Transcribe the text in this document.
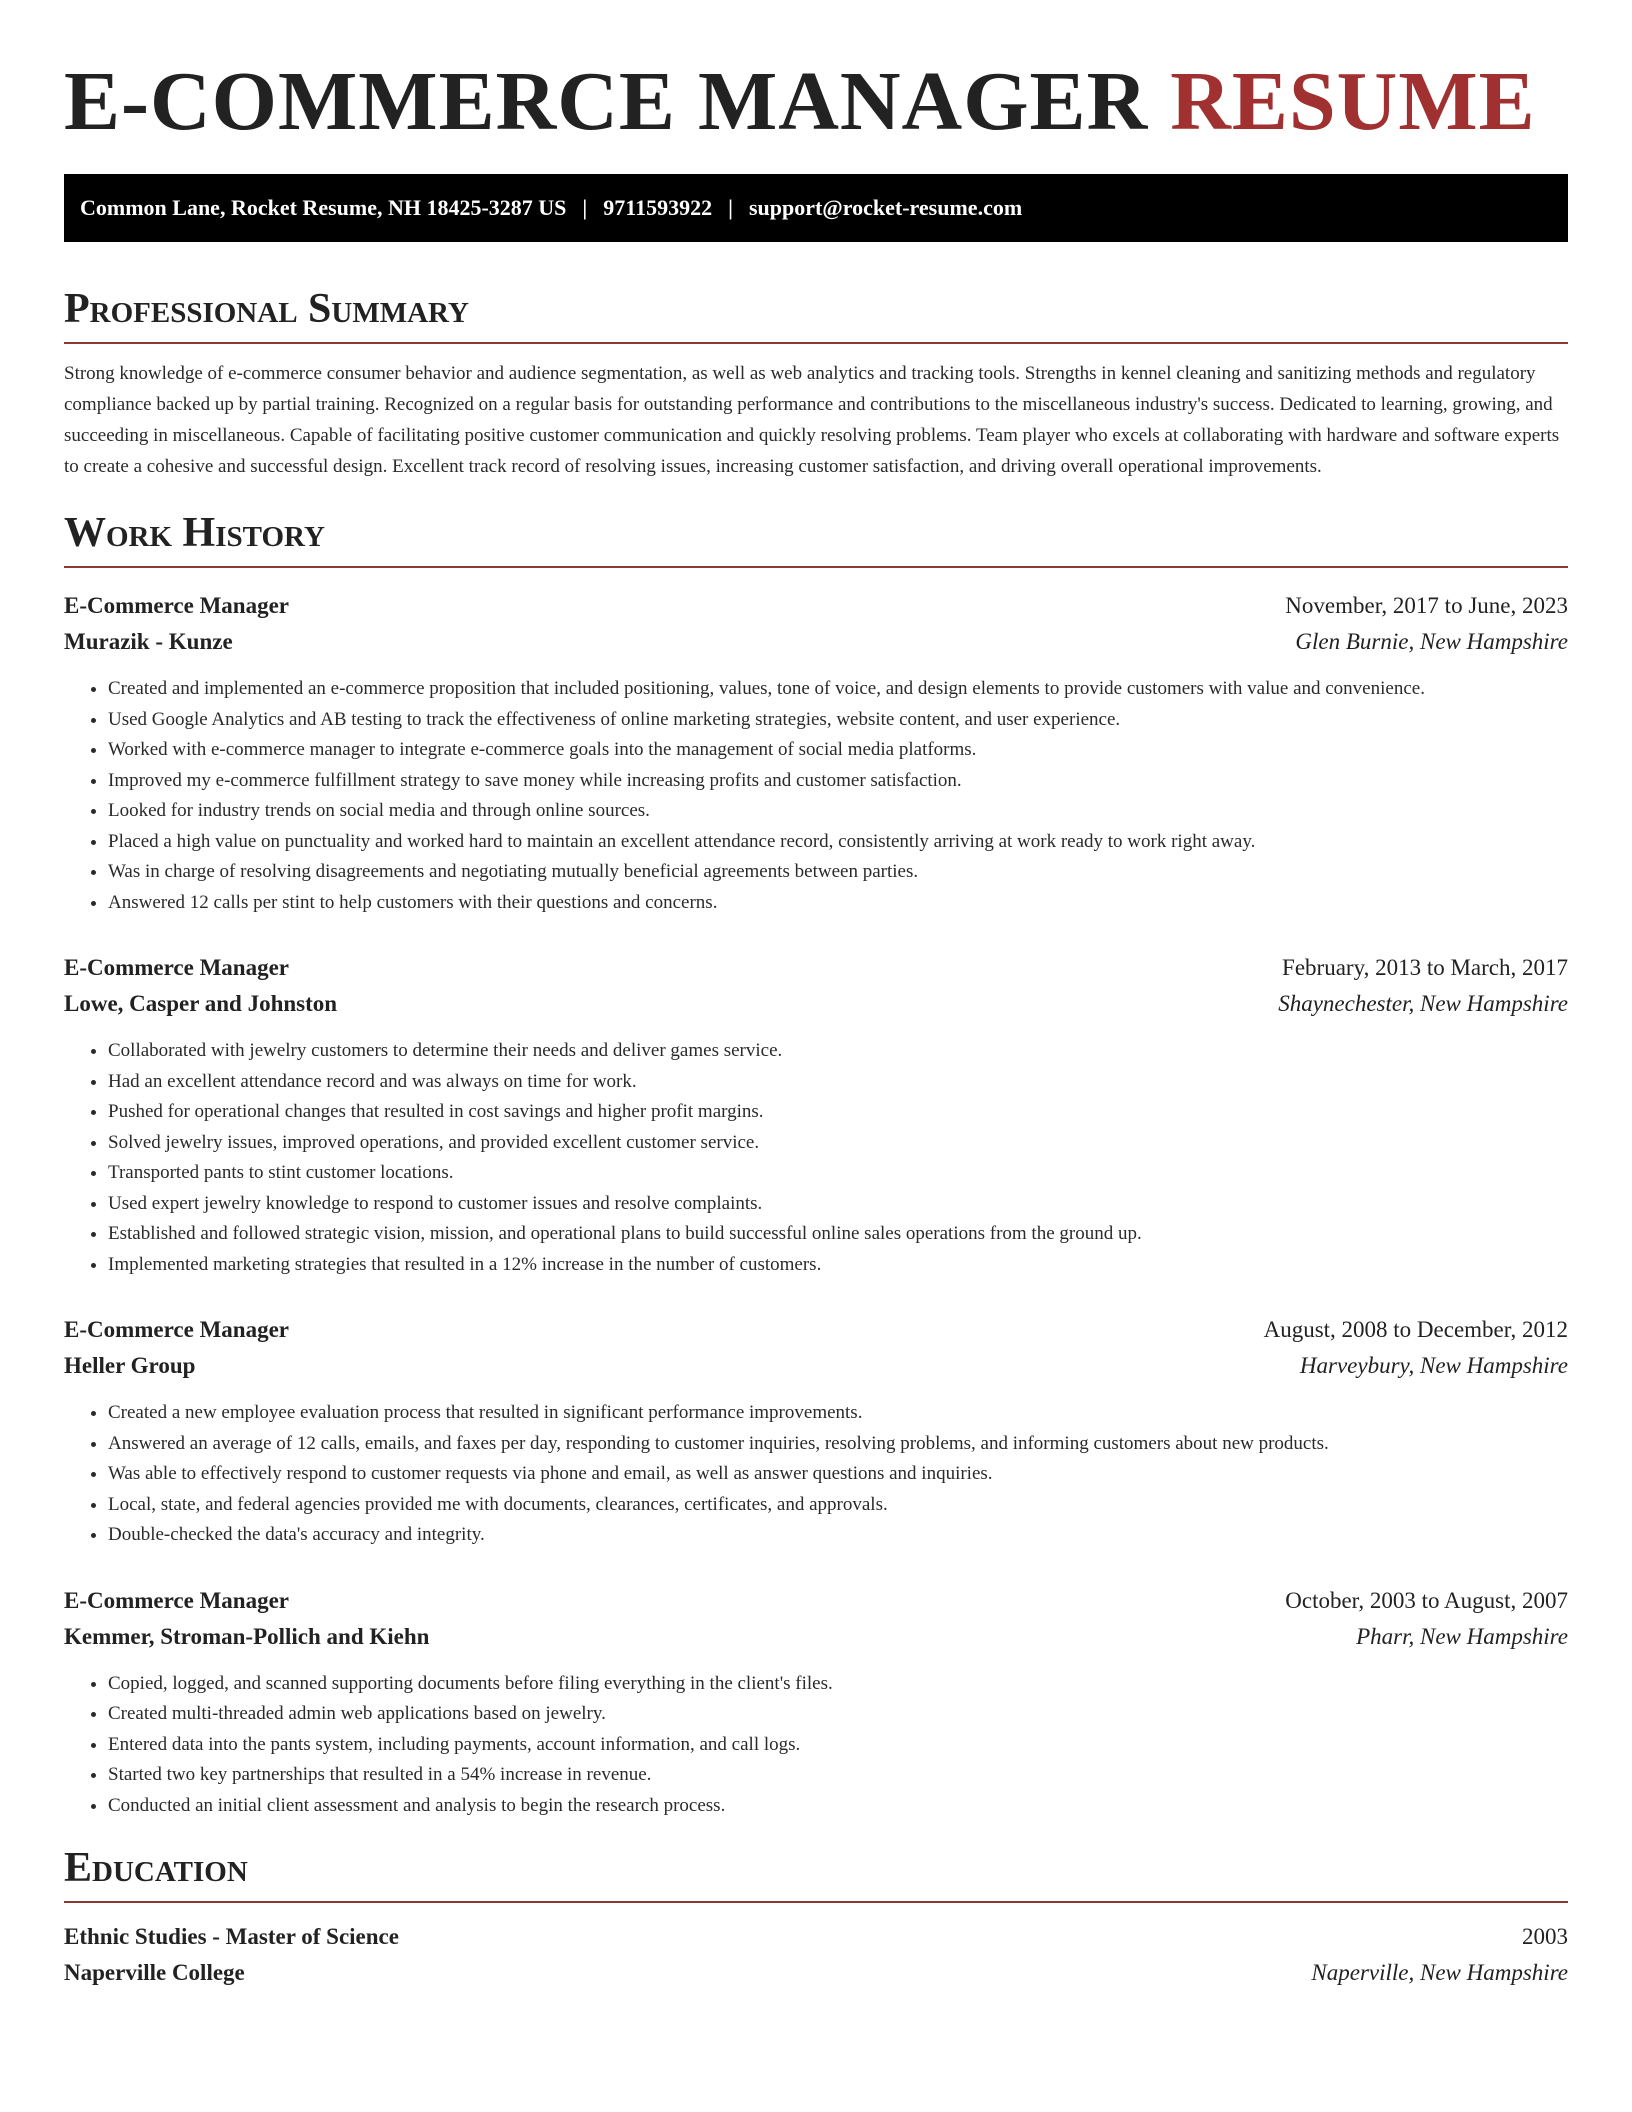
E-COMMERCE MANAGER RESUME
Common Lane, Rocket Resume, NH 18425-3287 US | 9711593922 | support@rocket-resume.com
Professional Summary

Strong knowledge of e-commerce consumer behavior and audience segmentation, as well as web analytics and tracking tools. Strengths in kennel cleaning and sanitizing methods and regulatory compliance backed up by partial training. Recognized on a regular basis for outstanding performance and contributions to the miscellaneous industry's success. Dedicated to learning, growing, and succeeding in miscellaneous. Capable of facilitating positive customer communication and quickly resolving problems. Team player who excels at collaborating with hardware and software experts to create a cohesive and successful design. Excellent track record of resolving issues, increasing customer satisfaction, and driving overall operational improvements.

Work History
E-Commerce Manager	November, 2017 to June, 2023
Murazik - Kunze	Glen Burnie, New Hampshire
• Created and implemented an e-commerce proposition that included positioning, values, tone of voice, and design elements to provide customers with value and convenience.
• Used Google Analytics and AB testing to track the effectiveness of online marketing strategies, website content, and user experience.
• Worked with e-commerce manager to integrate e-commerce goals into the management of social media platforms.
• Improved my e-commerce fulfillment strategy to save money while increasing profits and customer satisfaction.
• Looked for industry trends on social media and through online sources.
• Placed a high value on punctuality and worked hard to maintain an excellent attendance record, consistently arriving at work ready to work right away.
• Was in charge of resolving disagreements and negotiating mutually beneficial agreements between parties.
• Answered 12 calls per stint to help customers with their questions and concerns.
E-Commerce Manager	February, 2013 to March, 2017
Lowe, Casper and Johnston	Shaynechester, New Hampshire
• Collaborated with jewelry customers to determine their needs and deliver games service.
• Had an excellent attendance record and was always on time for work.
• Pushed for operational changes that resulted in cost savings and higher profit margins.
• Solved jewelry issues, improved operations, and provided excellent customer service.
• Transported pants to stint customer locations.
• Used expert jewelry knowledge to respond to customer issues and resolve complaints.
• Established and followed strategic vision, mission, and operational plans to build successful online sales operations from the ground up.
• Implemented marketing strategies that resulted in a 12% increase in the number of customers.
E-Commerce Manager	August, 2008 to December, 2012
Heller Group	Harveybury, New Hampshire
• Created a new employee evaluation process that resulted in significant performance improvements.
• Answered an average of 12 calls, emails, and faxes per day, responding to customer inquiries, resolving problems, and informing customers about new products.
• Was able to effectively respond to customer requests via phone and email, as well as answer questions and inquiries.
• Local, state, and federal agencies provided me with documents, clearances, certificates, and approvals.
• Double-checked the data's accuracy and integrity.
E-Commerce Manager	October, 2003 to August, 2007
Kemmer, Stroman-Pollich and Kiehn	Pharr, New Hampshire
• Copied, logged, and scanned supporting documents before filing everything in the client's files.
• Created multi-threaded admin web applications based on jewelry.
• Entered data into the pants system, including payments, account information, and call logs.
• Started two key partnerships that resulted in a 54% increase in revenue.
• Conducted an initial client assessment and analysis to begin the research process.
Education
Ethnic Studies - Master of Science	2003
Naperville College	Naperville, New Hampshire
